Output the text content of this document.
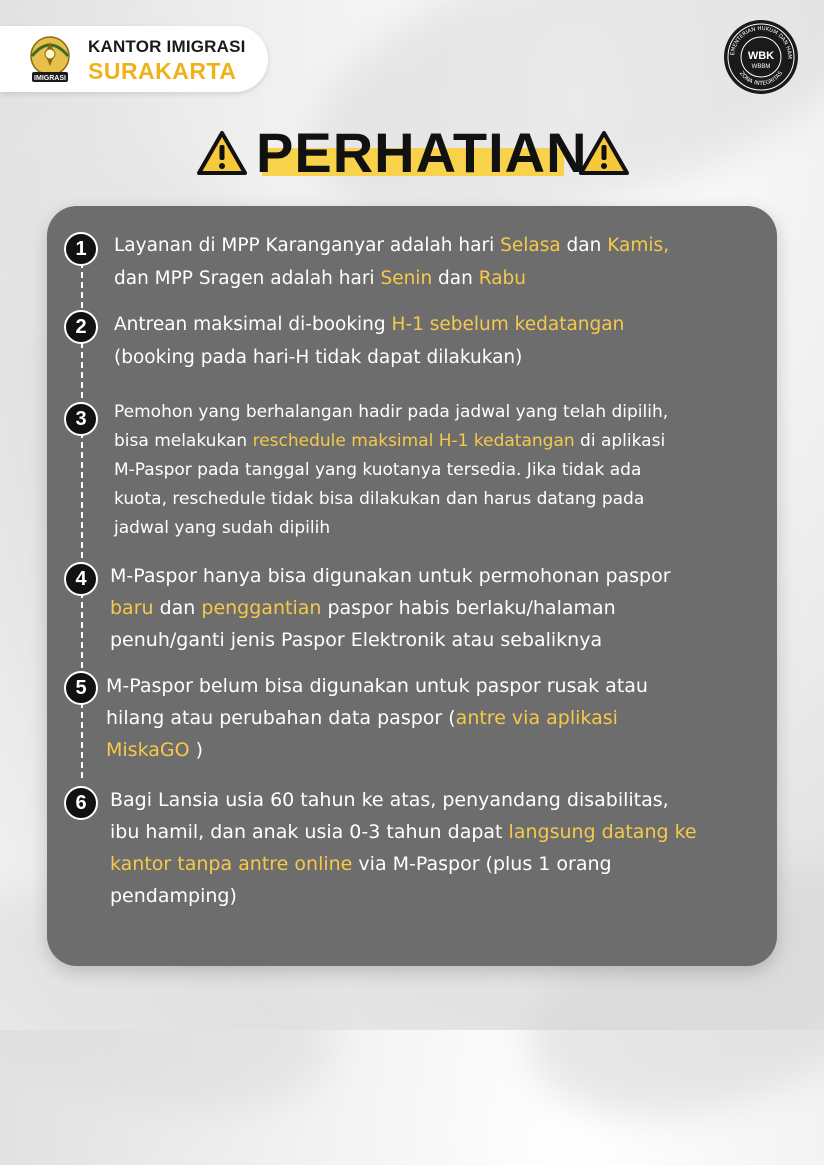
IMIGRASI
KANTOR IMIGRASI
SURAKARTA
EMENTERIAN HUKUM DAN HAM
ZONA INTEGRITAS
WBK
WBBM
PERHATIAN
1	Layanan di MPP Karanganyar adalah hari Selasa dan Kamis,

dan MPP Sragen adalah hari Senin dan Rabu

2	Antrean maksimal di-booking H-1 sebelum kedatangan

(booking pada hari-H tidak dapat dilakukan)

3	Pemohon yang berhalangan hadir pada jadwal yang telah dipilih,

bisa melakukan reschedule maksimal H-1 kedatangan di aplikasi

M-Paspor pada tanggal yang kuotanya tersedia. Jika tidak ada

kuota, reschedule tidak bisa dilakukan dan harus datang pada

jadwal yang sudah dipilih

4	M-Paspor hanya bisa digunakan untuk permohonan paspor

baru dan penggantian paspor habis berlaku/halaman

penuh/ganti jenis Paspor Elektronik atau sebaliknya

5	M-Paspor belum bisa digunakan untuk paspor rusak atau

hilang atau perubahan data paspor (antre via aplikasi

MiskaGO )

6	Bagi Lansia usia 60 tahun ke atas, penyandang disabilitas,

ibu hamil, dan anak usia 0-3 tahun dapat langsung datang ke

kantor tanpa antre online via M-Paspor (plus 1 orang

pendamping)
